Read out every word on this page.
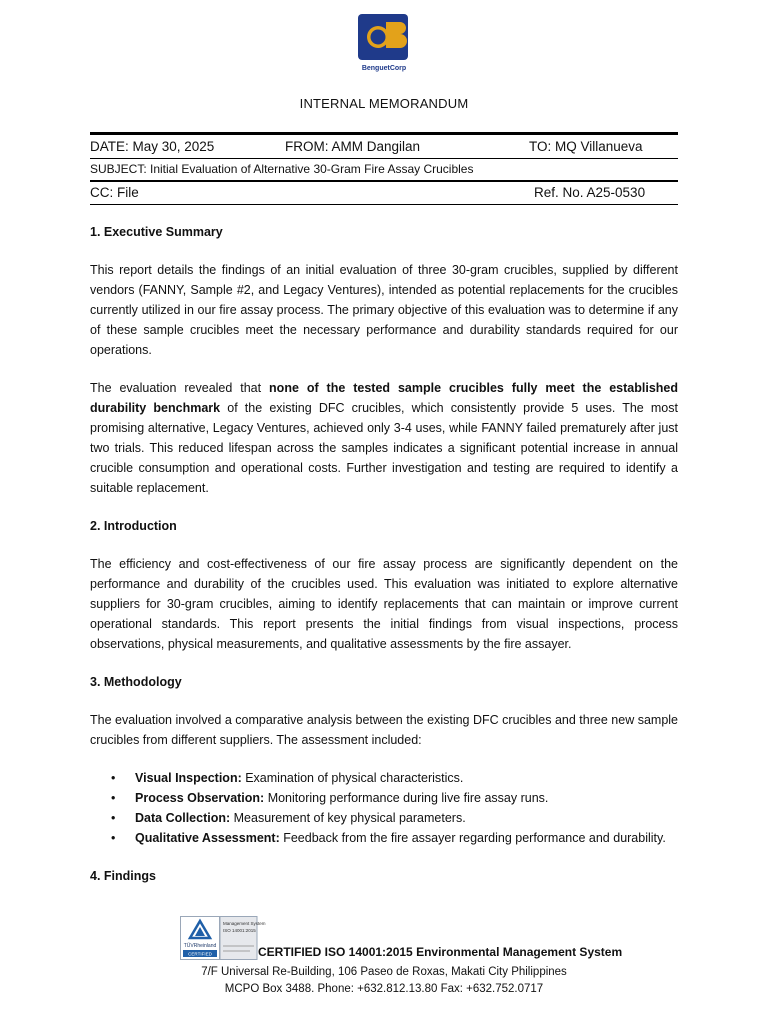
BenguetCorp
INTERNAL MEMORANDUM
DATE: May 30, 2025	FROM: AMM Dangilan	TO: MQ Villanueva
SUBJECT: Initial Evaluation of Alternative 30-Gram Fire Assay Crucibles
CC: File	Ref. No. A25-0530
1. Executive Summary

This report details the findings of an initial evaluation of three 30-gram crucibles, supplied by different vendors (FANNY, Sample #2, and Legacy Ventures), intended as potential replacements for the crucibles currently utilized in our fire assay process. The primary objective of this evaluation was to determine if any of these sample crucibles meet the necessary performance and durability standards required for our operations.

The evaluation revealed that none of the tested sample crucibles fully meet the established durability benchmark of the existing DFC crucibles, which consistently provide 5 uses. The most promising alternative, Legacy Ventures, achieved only 3-4 uses, while FANNY failed prematurely after just two trials. This reduced lifespan across the samples indicates a significant potential increase in annual crucible consumption and operational costs. Further investigation and testing are required to identify a suitable replacement.

2. Introduction

The efficiency and cost-effectiveness of our fire assay process are significantly dependent on the performance and durability of the crucibles used. This evaluation was initiated to explore alternative suppliers for 30-gram crucibles, aiming to identify replacements that can maintain or improve current operational standards. This report presents the initial findings from visual inspections, process observations, physical measurements, and qualitative assessments by the fire assayer.

3. Methodology

The evaluation involved a comparative analysis between the existing DFC crucibles and three new sample crucibles from different suppliers. The assessment included:

• Visual Inspection: Examination of physical characteristics.
• Process Observation: Monitoring performance during live fire assay runs.
• Data Collection: Measurement of key physical parameters.
• Qualitative Assessment: Feedback from the fire assayer regarding performance and durability.
4. Findings
TÜVRheinland
CERTIFIED
Management System
ISO 14001:2015
CERTIFIED ISO 14001:2015 Environmental Management System
7/F Universal Re-Building, 106 Paseo de Roxas, Makati City Philippines
MCPO Box 3488. Phone: +632.812.13.80 Fax: +632.752.0717
